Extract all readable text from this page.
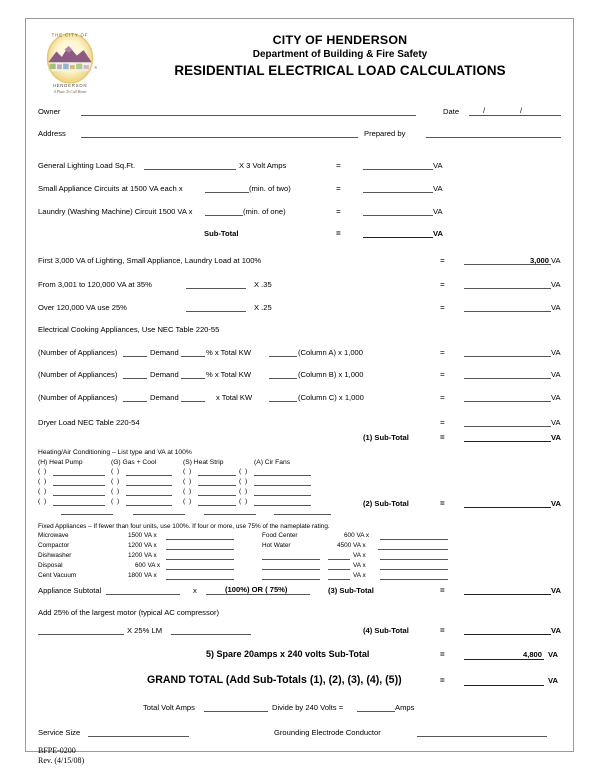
THE CITY OF
HENDERSON
A Place To Call Home
®
CITY OF HENDERSON
Department of Building & Fire Safety
RESIDENTIAL ELECTRICAL LOAD CALCULATIONS
Owner	Date	/	/
Address	Prepared by
General Lighting Load Sq.Ft.	X 3 Volt Amps	=	VA
Small Appliance Circuits at 1500 VA each x	(min. of two)	=	VA
Laundry (Washing Machine) Circuit 1500 VA x	(min. of one)	=	VA
Sub-Total	=	VA
First 3,000 VA of Lighting, Small Appliance, Laundry Load at 100%	=	3,000 VA
From 3,001 to 120,000 VA at 35%	X .35	=	VA
Over 120,000 VA use 25%	X .25	=	VA
Electrical Cooking Appliances, Use NEC Table 220-55
(Number of Appliances)	Demand	% x Total KW	(Column A) x 1,000	=	VA
(Number of Appliances)	Demand	% x Total KW	(Column B) x 1,000	=	VA
(Number of Appliances)	Demand	x Total KW	(Column C) x 1,000	=	VA
Dryer Load NEC Table 220-54	=	VA
(1) Sub-Total	=	VA
Heating/Air Conditioning – List type and VA at 100%
(H) Heat Pump	(G) Gas + Cool	(S) Heat Strip	(A) Cir Fans
(  )	(  )	(  )	(  )
(  )	(  )	(  )	(  )
(  )	(  )	(  )	(  )
(  )	(  )	(  )	(  )	(2) Sub-Total	=	VA
Fixed Appliances – If fewer than four units, use 100%. If four or more, use 75% of the nameplate rating.
Microwave	1500 VA x
Compactor	1200 VA x
Dishwasher	1200 VA x
Disposal	600 VA x
Cent Vacuum	1800 VA x
Food Center	600 VA x
Hot Water	4500 VA x
VA x
VA x
VA x
Appliance Subtotal	x	(100%) OR ( 75%)	(3) Sub-Total	=	VA
Add 25% of the largest motor (typical AC compressor)
X 25% LM	(4) Sub-Total	=	VA
5) Spare 20amps x 240 volts Sub-Total	=	4,800 VA
GRAND TOTAL (Add Sub-Totals (1), (2), (3), (4), (5))	=	VA
Total Volt Amps	Divide by 240 Volts =	Amps
Service Size	Grounding Electrode Conductor
BFPE-0200
Rev. (4/15/08)
